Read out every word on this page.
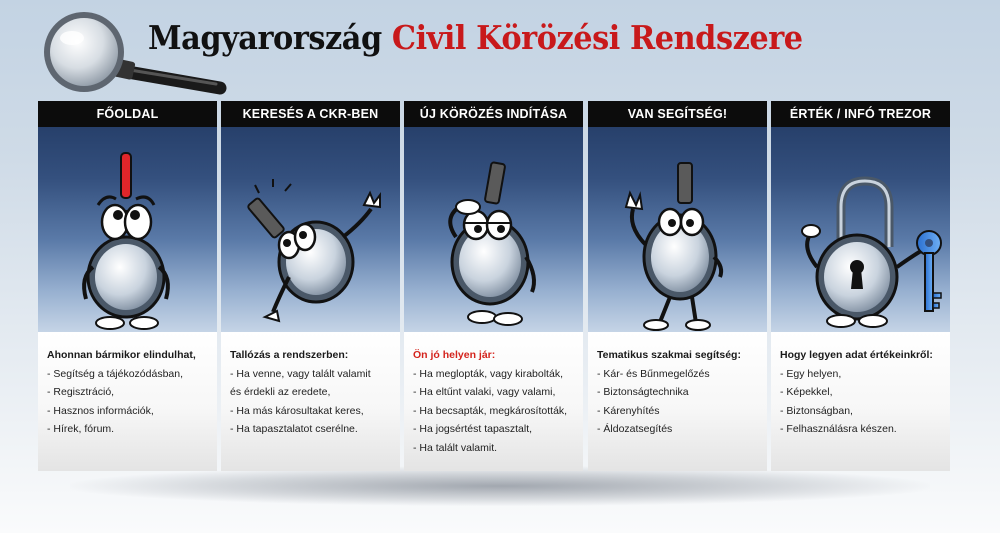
Magyarország Civil Körözési Rendszere
FŐOLDAL
Ahonnan bármikor elindulhat,
- Segítség a tájékozódásban,
- Regisztráció,
- Hasznos információk,
- Hírek, fórum.
KERESÉS A CKR-BEN
Tallózás a rendszerben:
- Ha venne, vagy talált valamit
és érdekli az eredete,
- Ha más károsultakat keres,
- Ha tapasztalatot cserélne.
ÚJ KÖRÖZÉS INDÍTÁSA
Ön jó helyen jár:
- Ha meglopták, vagy kirabolták,
- Ha eltűnt valaki, vagy valami,
- Ha becsapták, megkárosították,
- Ha jogsértést tapasztalt,
- Ha talált valamit.
VAN SEGÍTSÉG!
Tematikus szakmai segítség:
- Kár- és Bűnmegelőzés
- Biztonságtechnika
- Kárenyhítés
- Áldozatsegítés
ÉRTÉK / INFÓ TREZOR
Hogy legyen adat értékeinkről:
- Egy helyen,
- Képekkel,
- Biztonságban,
- Felhasználásra készen.
